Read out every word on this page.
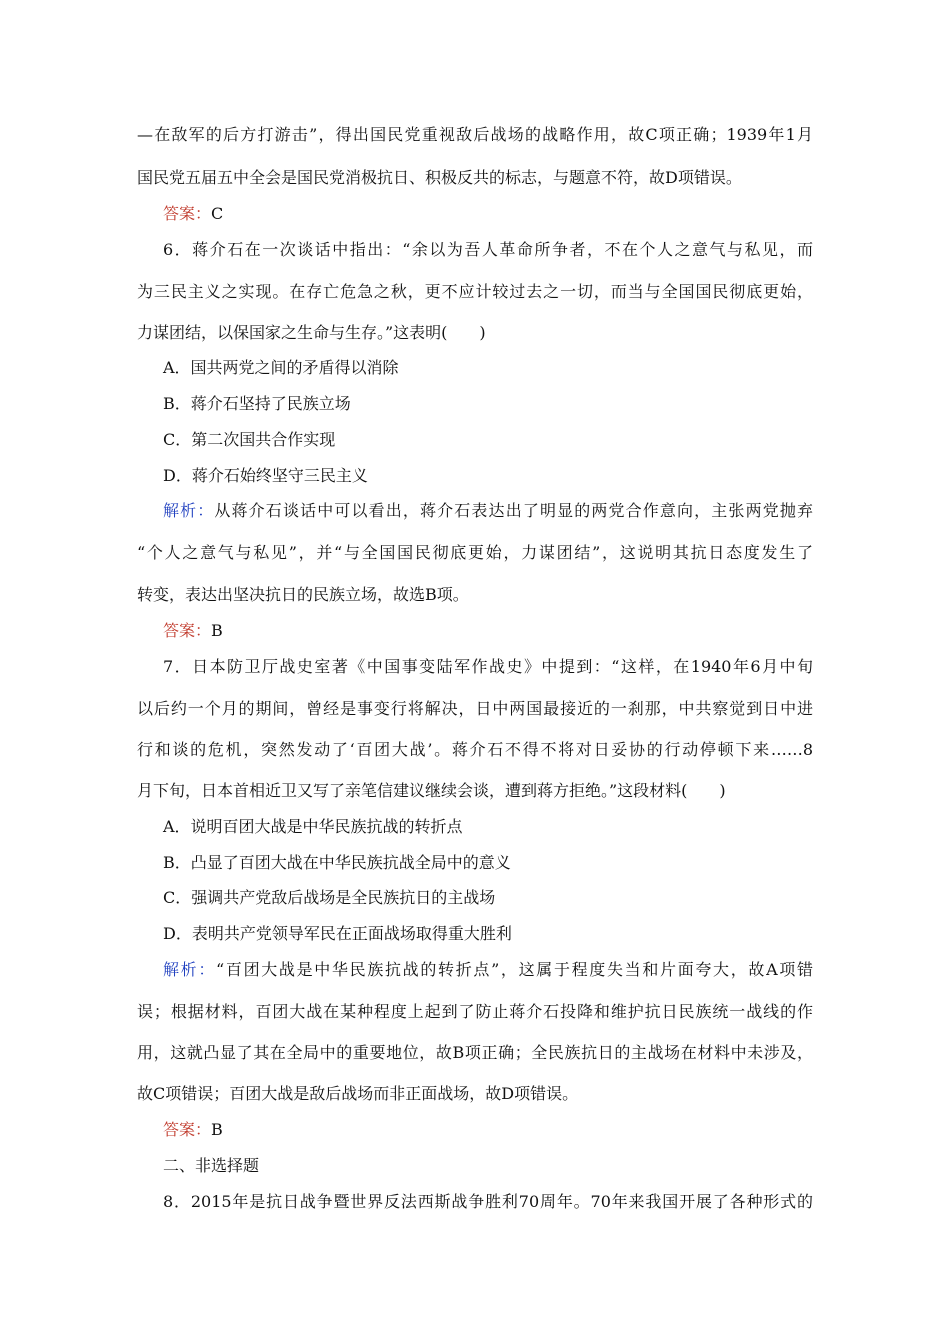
—在敌军的后方打游击”，得出国民党重视敌后战场的战略作用，故C项正确；1939年1月
国民党五届五中全会是国民党消极抗日、积极反共的标志，与题意不符，故D项错误。
答案：C
6．蒋介石在一次谈话中指出：“余以为吾人革命所争者，不在个人之意气与私见，而
为三民主义之实现。在存亡危急之秋，更不应计较过去之一切，而当与全国国民彻底更始，
力谋团结，以保国家之生命与生存。”这表明(　　)
A．国共两党之间的矛盾得以消除
B．蒋介石坚持了民族立场
C．第二次国共合作实现
D．蒋介石始终坚守三民主义
解析：从蒋介石谈话中可以看出，蒋介石表达出了明显的两党合作意向，主张两党抛弃
“个人之意气与私见”，并“与全国国民彻底更始，力谋团结”，这说明其抗日态度发生了
转变，表达出坚决抗日的民族立场，故选B项。
答案：B
7．日本防卫厅战史室著《中国事变陆军作战史》中提到：“这样，在1940年6月中旬
以后约一个月的期间，曾经是事变行将解决，日中两国最接近的一刹那，中共察觉到日中进
行和谈的危机，突然发动了‘百团大战’。蒋介石不得不将对日妥协的行动停顿下来……8
月下旬，日本首相近卫又写了亲笔信建议继续会谈，遭到蒋方拒绝。”这段材料(　　)
A．说明百团大战是中华民族抗战的转折点
B．凸显了百团大战在中华民族抗战全局中的意义
C．强调共产党敌后战场是全民族抗日的主战场
D．表明共产党领导军民在正面战场取得重大胜利
解析：“百团大战是中华民族抗战的转折点”，这属于程度失当和片面夸大，故A项错
误；根据材料，百团大战在某种程度上起到了防止蒋介石投降和维护抗日民族统一战线的作
用，这就凸显了其在全局中的重要地位，故B项正确；全民族抗日的主战场在材料中未涉及，
故C项错误；百团大战是敌后战场而非正面战场，故D项错误。
答案：B
二、非选择题
8．2015年是抗日战争暨世界反法西斯战争胜利70周年。70年来我国开展了各种形式的
